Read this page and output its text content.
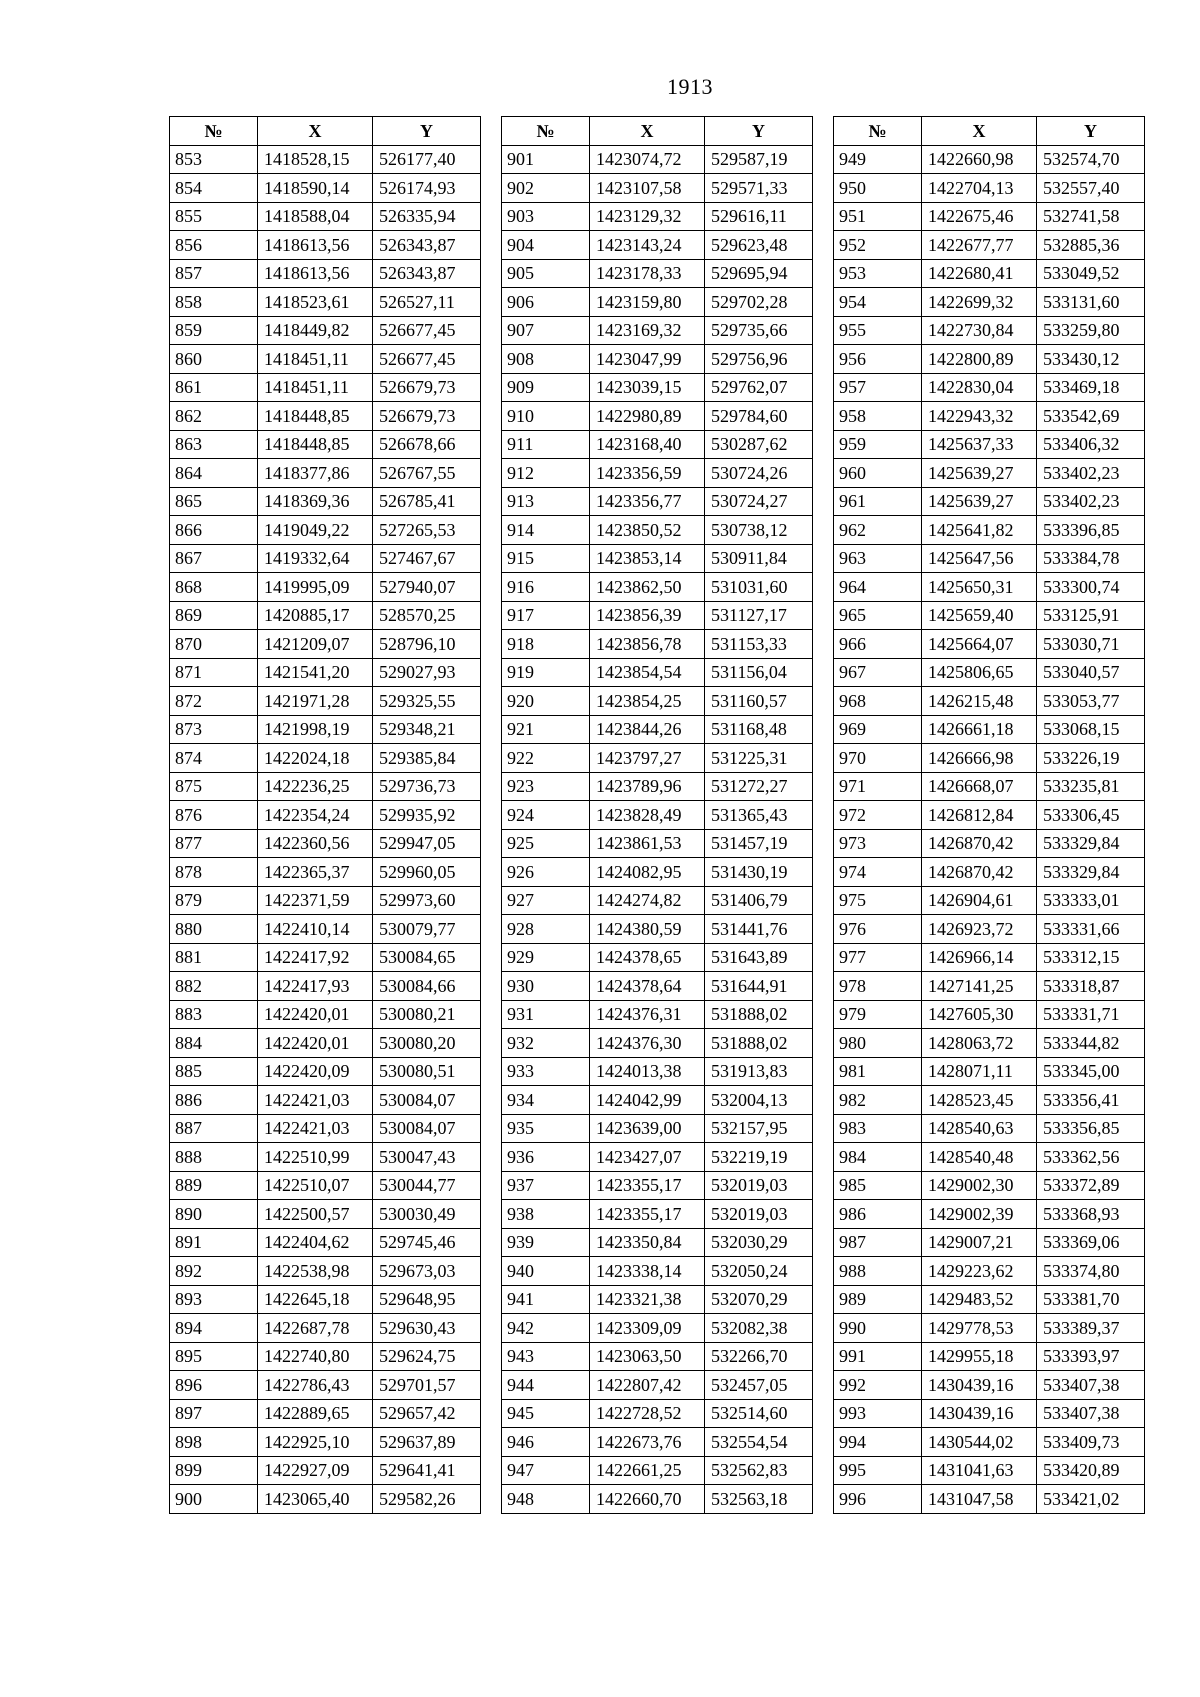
1913
№	X	Y
853	1418528,15	526177,40
854	1418590,14	526174,93
855	1418588,04	526335,94
856	1418613,56	526343,87
857	1418613,56	526343,87
858	1418523,61	526527,11
859	1418449,82	526677,45
860	1418451,11	526677,45
861	1418451,11	526679,73
862	1418448,85	526679,73
863	1418448,85	526678,66
864	1418377,86	526767,55
865	1418369,36	526785,41
866	1419049,22	527265,53
867	1419332,64	527467,67
868	1419995,09	527940,07
869	1420885,17	528570,25
870	1421209,07	528796,10
871	1421541,20	529027,93
872	1421971,28	529325,55
873	1421998,19	529348,21
874	1422024,18	529385,84
875	1422236,25	529736,73
876	1422354,24	529935,92
877	1422360,56	529947,05
878	1422365,37	529960,05
879	1422371,59	529973,60
880	1422410,14	530079,77
881	1422417,92	530084,65
882	1422417,93	530084,66
883	1422420,01	530080,21
884	1422420,01	530080,20
885	1422420,09	530080,51
886	1422421,03	530084,07
887	1422421,03	530084,07
888	1422510,99	530047,43
889	1422510,07	530044,77
890	1422500,57	530030,49
891	1422404,62	529745,46
892	1422538,98	529673,03
893	1422645,18	529648,95
894	1422687,78	529630,43
895	1422740,80	529624,75
896	1422786,43	529701,57
897	1422889,65	529657,42
898	1422925,10	529637,89
899	1422927,09	529641,41
900	1423065,40	529582,26
№	X	Y
901	1423074,72	529587,19
902	1423107,58	529571,33
903	1423129,32	529616,11
904	1423143,24	529623,48
905	1423178,33	529695,94
906	1423159,80	529702,28
907	1423169,32	529735,66
908	1423047,99	529756,96
909	1423039,15	529762,07
910	1422980,89	529784,60
911	1423168,40	530287,62
912	1423356,59	530724,26
913	1423356,77	530724,27
914	1423850,52	530738,12
915	1423853,14	530911,84
916	1423862,50	531031,60
917	1423856,39	531127,17
918	1423856,78	531153,33
919	1423854,54	531156,04
920	1423854,25	531160,57
921	1423844,26	531168,48
922	1423797,27	531225,31
923	1423789,96	531272,27
924	1423828,49	531365,43
925	1423861,53	531457,19
926	1424082,95	531430,19
927	1424274,82	531406,79
928	1424380,59	531441,76
929	1424378,65	531643,89
930	1424378,64	531644,91
931	1424376,31	531888,02
932	1424376,30	531888,02
933	1424013,38	531913,83
934	1424042,99	532004,13
935	1423639,00	532157,95
936	1423427,07	532219,19
937	1423355,17	532019,03
938	1423355,17	532019,03
939	1423350,84	532030,29
940	1423338,14	532050,24
941	1423321,38	532070,29
942	1423309,09	532082,38
943	1423063,50	532266,70
944	1422807,42	532457,05
945	1422728,52	532514,60
946	1422673,76	532554,54
947	1422661,25	532562,83
948	1422660,70	532563,18
№	X	Y
949	1422660,98	532574,70
950	1422704,13	532557,40
951	1422675,46	532741,58
952	1422677,77	532885,36
953	1422680,41	533049,52
954	1422699,32	533131,60
955	1422730,84	533259,80
956	1422800,89	533430,12
957	1422830,04	533469,18
958	1422943,32	533542,69
959	1425637,33	533406,32
960	1425639,27	533402,23
961	1425639,27	533402,23
962	1425641,82	533396,85
963	1425647,56	533384,78
964	1425650,31	533300,74
965	1425659,40	533125,91
966	1425664,07	533030,71
967	1425806,65	533040,57
968	1426215,48	533053,77
969	1426661,18	533068,15
970	1426666,98	533226,19
971	1426668,07	533235,81
972	1426812,84	533306,45
973	1426870,42	533329,84
974	1426870,42	533329,84
975	1426904,61	533333,01
976	1426923,72	533331,66
977	1426966,14	533312,15
978	1427141,25	533318,87
979	1427605,30	533331,71
980	1428063,72	533344,82
981	1428071,11	533345,00
982	1428523,45	533356,41
983	1428540,63	533356,85
984	1428540,48	533362,56
985	1429002,30	533372,89
986	1429002,39	533368,93
987	1429007,21	533369,06
988	1429223,62	533374,80
989	1429483,52	533381,70
990	1429778,53	533389,37
991	1429955,18	533393,97
992	1430439,16	533407,38
993	1430439,16	533407,38
994	1430544,02	533409,73
995	1431041,63	533420,89
996	1431047,58	533421,02
